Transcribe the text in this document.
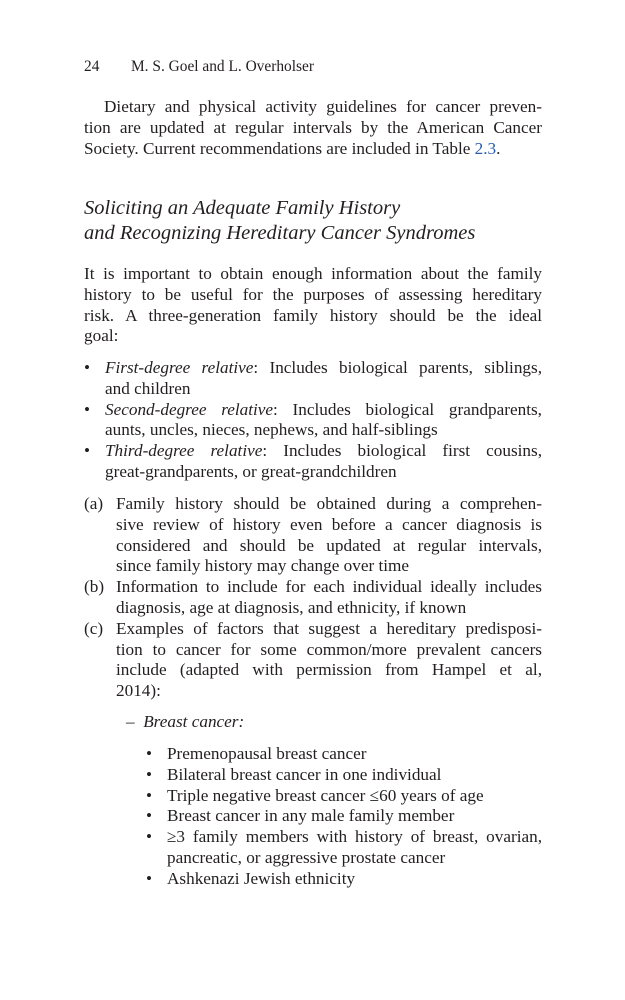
24 M. S. Goel and L. Overholser
Dietary and physical activity guidelines for cancer preven-
tion are updated at regular intervals by the American Cancer
Society. Current recommendations are included in Table 2.3.
Soliciting an Adequate Family History
and Recognizing Hereditary Cancer Syndromes
It is important to obtain enough information about the family
history to be useful for the purposes of assessing hereditary
risk. A three-generation family history should be the ideal
goal:
• First-degree relative: Includes biological parents, siblings,
and children
• Second-degree relative: Includes biological grandparents,
aunts, uncles, nieces, nephews, and half-siblings
• Third-degree relative: Includes biological first cousins,
great-grandparents, or great-grandchildren
(a) Family history should be obtained during a comprehen-
sive review of history even before a cancer diagnosis is
considered and should be updated at regular intervals,
since family history may change over time
(b) Information to include for each individual ideally includes
diagnosis, age at diagnosis, and ethnicity, if known
(c) Examples of factors that suggest a hereditary predisposi-
tion to cancer for some common/more prevalent cancers
include (adapted with permission from Hampel et al,
2014):
– Breast cancer:
• Premenopausal breast cancer
• Bilateral breast cancer in one individual
• Triple negative breast cancer ≤60 years of age
• Breast cancer in any male family member
• ≥3 family members with history of breast, ovarian,
pancreatic, or aggressive prostate cancer
• Ashkenazi Jewish ethnicity
